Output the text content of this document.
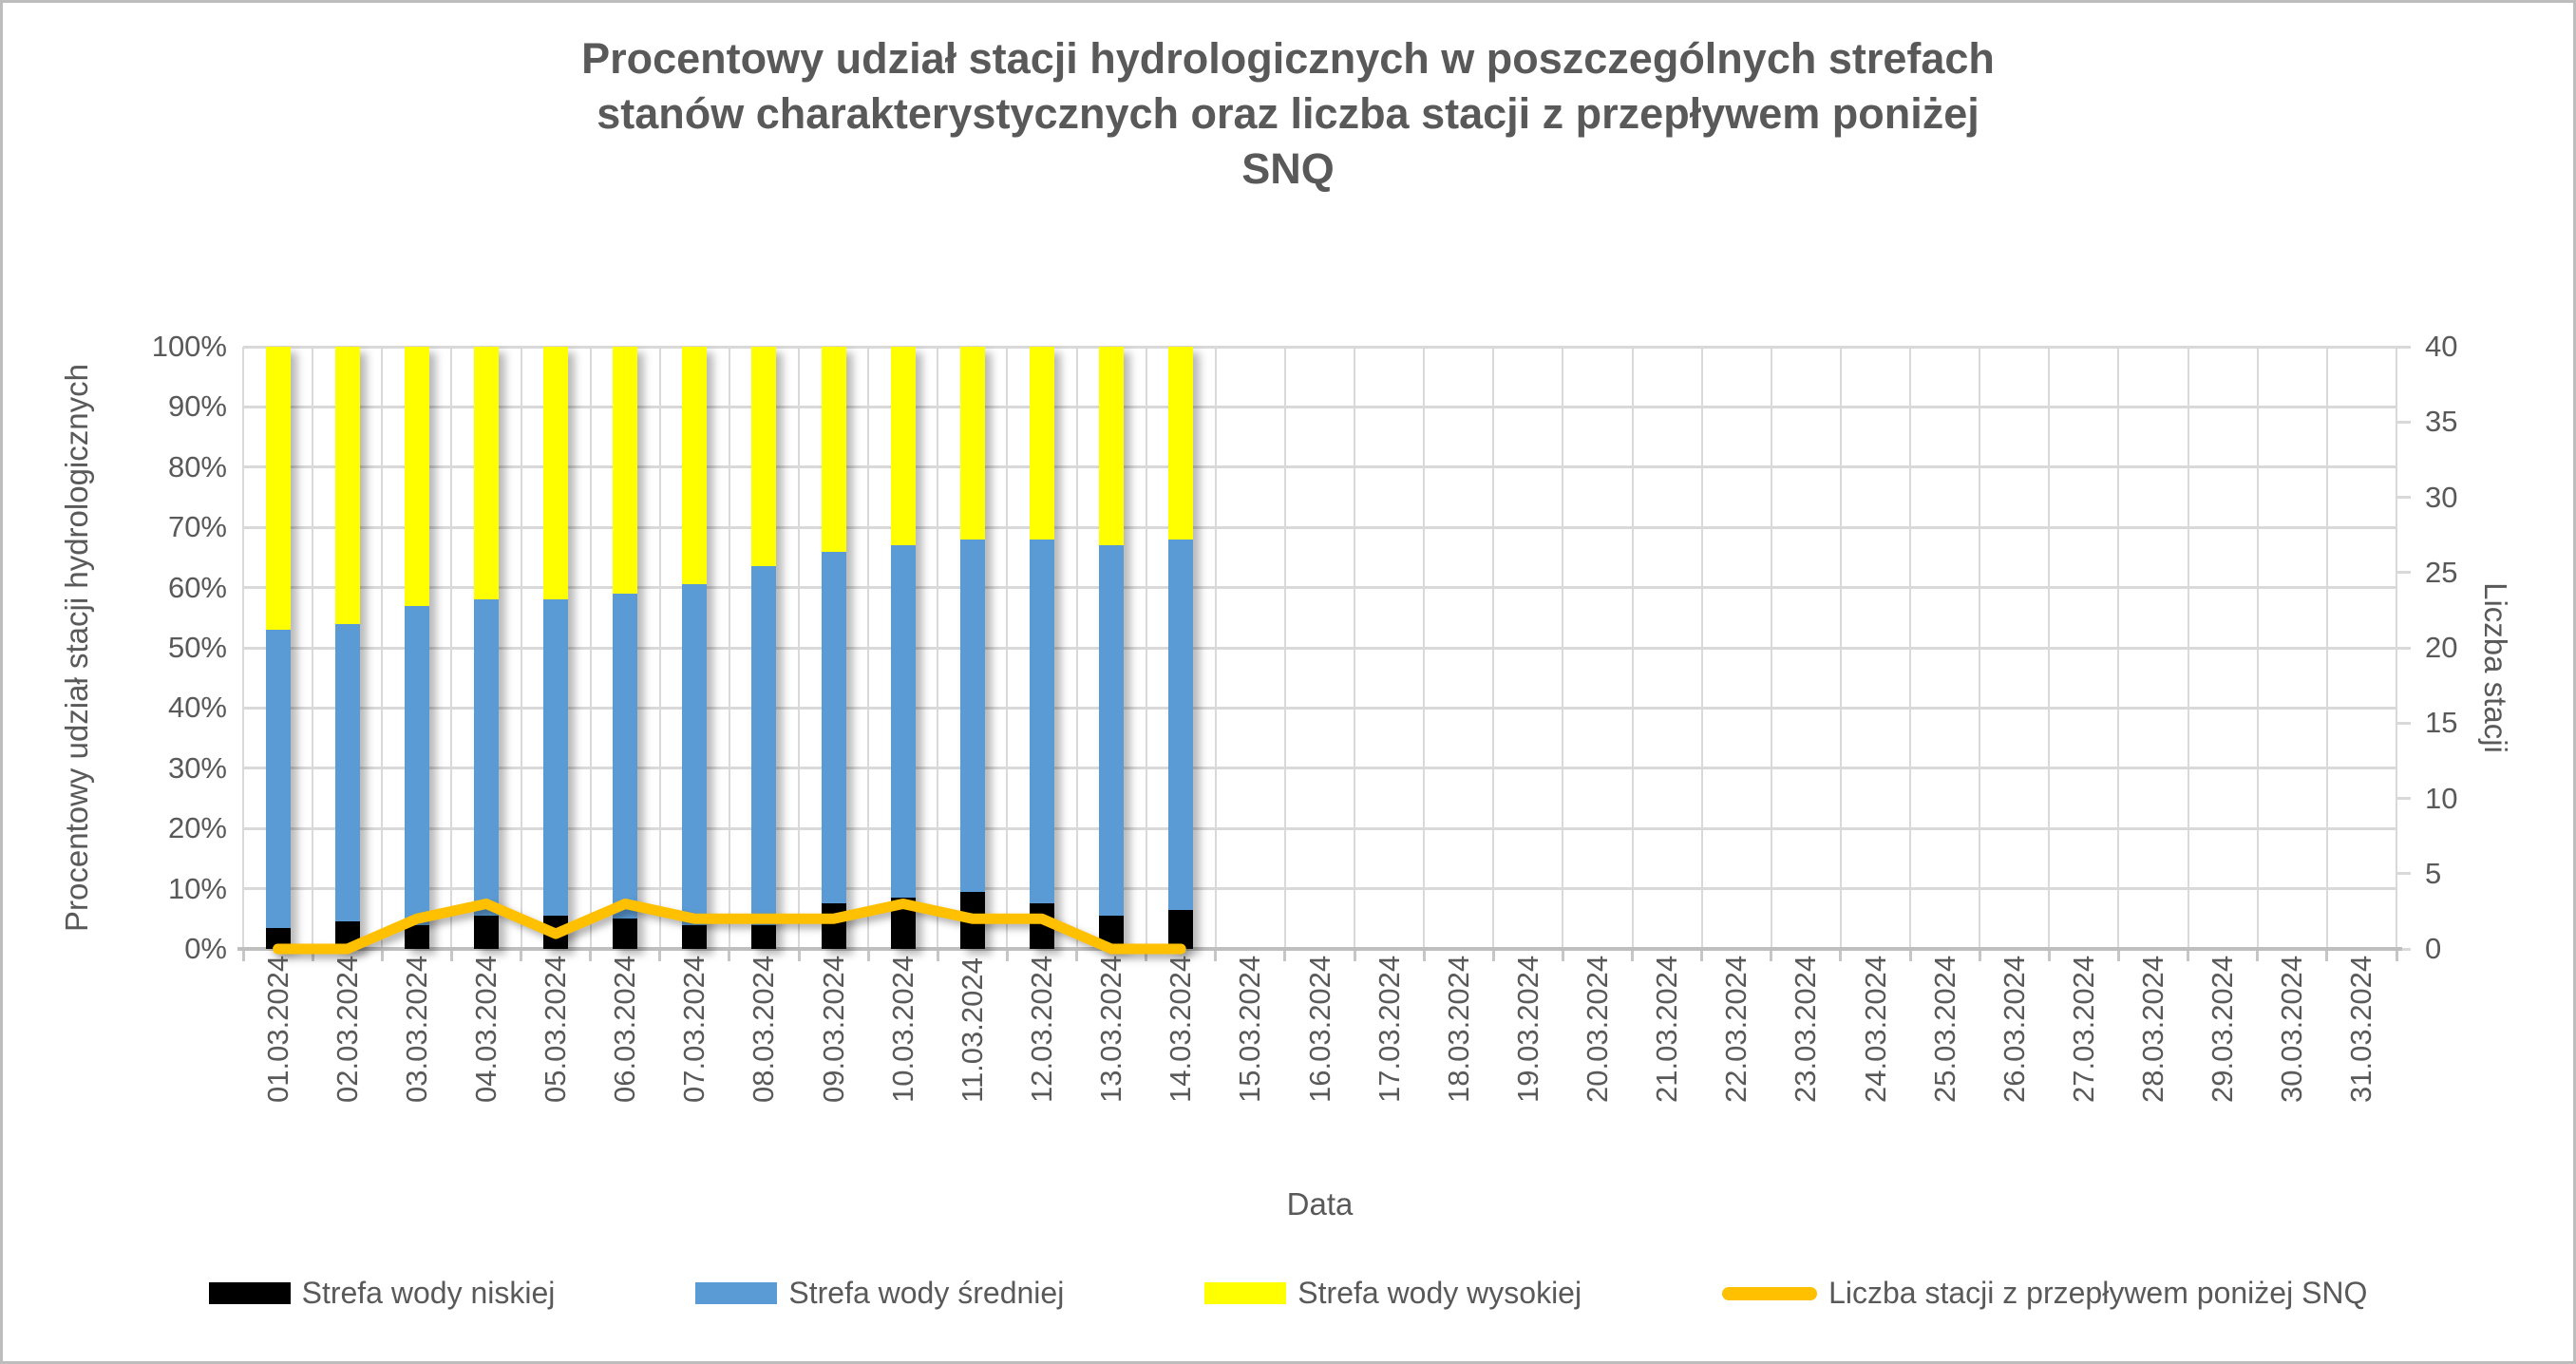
Procentowy udział stacji hydrologicznych w poszczególnych strefach
stanów charakterystycznych oraz liczba stacji z przepływem poniżej
SNQ
Procentowy udział stacji hydrologicznych	Liczba stacji
Data
Strefa wody niskiej	Strefa wody średniej	Strefa wody wysokiej	Liczba stacji z przepływem poniżej SNQ
0%
10%
20%
30%
40%
50%
60%
70%
80%
90%
100%
0
5
10
15
20
25
30
35
40
01.03.2024 02.03.2024 03.03.2024 04.03.2024 05.03.2024 06.03.2024 07.03.2024 08.03.2024 09.03.2024 10.03.2024 11.03.2024 12.03.2024 13.03.2024 14.03.2024 15.03.2024 16.03.2024 17.03.2024 18.03.2024 19.03.2024 20.03.2024 21.03.2024 22.03.2024 23.03.2024 24.03.2024 25.03.2024 26.03.2024 27.03.2024 28.03.2024 29.03.2024 30.03.2024 31.03.2024
